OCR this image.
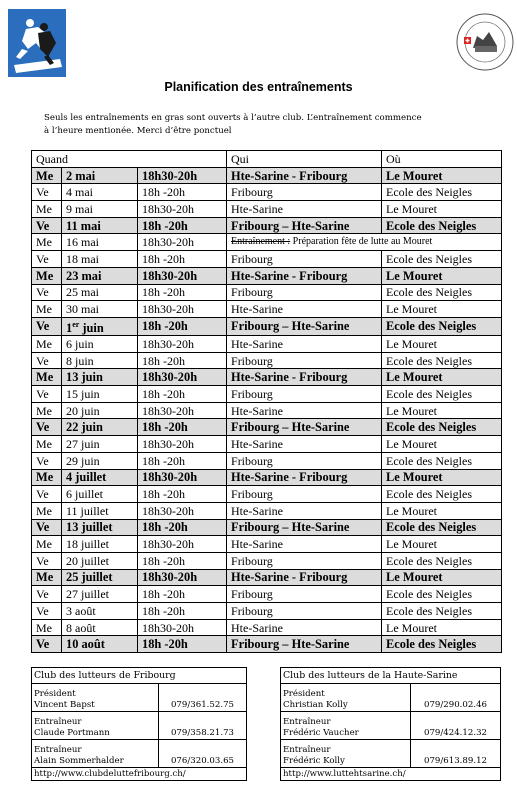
Planification des entraînements
Seuls les entraînements en gras sont ouverts à l’autre club. L’entraînement commence
à l’heure mentionée. Merci d’être ponctuel
Quand			Qui	Où
Me	2 mai	18h30-20h	Hte-Sarine - Fribourg	Le Mouret
Ve	4 mai	18h -20h	Fribourg	Ecole des Neigles
Me	9 mai	18h30-20h	Hte-Sarine	Le Mouret
Ve	11 mai	18h -20h	Fribourg – Hte-Sarine	Ecole des Neigles
Me	16 mai	18h30-20h	Entraînement : Préparation fête de lutte au Mouret	
Ve	18 mai	18h -20h	Fribourg	Ecole des Neigles
Me	23 mai	18h30-20h	Hte-Sarine - Fribourg	Le Mouret
Ve	25 mai	18h -20h	Fribourg	Ecole des Neigles
Me	30 mai	18h30-20h	Hte-Sarine	Le Mouret
Ve	1er juin	18h -20h	Fribourg – Hte-Sarine	Ecole des Neigles
Me	6 juin	18h30-20h	Hte-Sarine	Le Mouret
Ve	8 juin	18h -20h	Fribourg	Ecole des Neigles
Me	13 juin	18h30-20h	Hte-Sarine - Fribourg	Le Mouret
Ve	15 juin	18h -20h	Fribourg	Ecole des Neigles
Me	20 juin	18h30-20h	Hte-Sarine	Le Mouret
Ve	22 juin	18h -20h	Fribourg – Hte-Sarine	Ecole des Neigles
Me	27 juin	18h30-20h	Hte-Sarine	Le Mouret
Ve	29 juin	18h -20h	Fribourg	Ecole des Neigles
Me	4 juillet	18h30-20h	Hte-Sarine - Fribourg	Le Mouret
Ve	6 juillet	18h -20h	Fribourg	Ecole des Neigles
Me	11 juillet	18h30-20h	Hte-Sarine	Le Mouret
Ve	13 juillet	18h -20h	Fribourg – Hte-Sarine	Ecole des Neigles
Me	18 juillet	18h30-20h	Hte-Sarine	Le Mouret
Ve	20 juillet	18h -20h	Fribourg	Ecole des Neigles
Me	25 juillet	18h30-20h	Hte-Sarine - Fribourg	Le Mouret
Ve	27 juillet	18h -20h	Fribourg	Ecole des Neigles
Ve	3 août	18h -20h	Fribourg	Ecole des Neigles
Me	8 août	18h30-20h	Hte-Sarine	Le Mouret
Ve	10 août	18h -20h	Fribourg – Hte-Sarine	Ecole des Neigles
Club des lutteurs de Fribourg	

Président
Vincent Bapst	079/361.52.75

Entraîneur
Claude Portmann	079/358.21.73

Entraîneur
Alain Sommerhalder	076/320.03.65
http://www.clubdeluttefribourg.ch/	
Club des lutteurs de la Haute-Sarine	

Président
Christian Kolly	079/290.02.46

Entraîneur
Frédéric Vaucher	079/424.12.32

Entraîneur
Frédéric Kolly	079/613.89.12
http://www.luttehtsarine.ch/	
